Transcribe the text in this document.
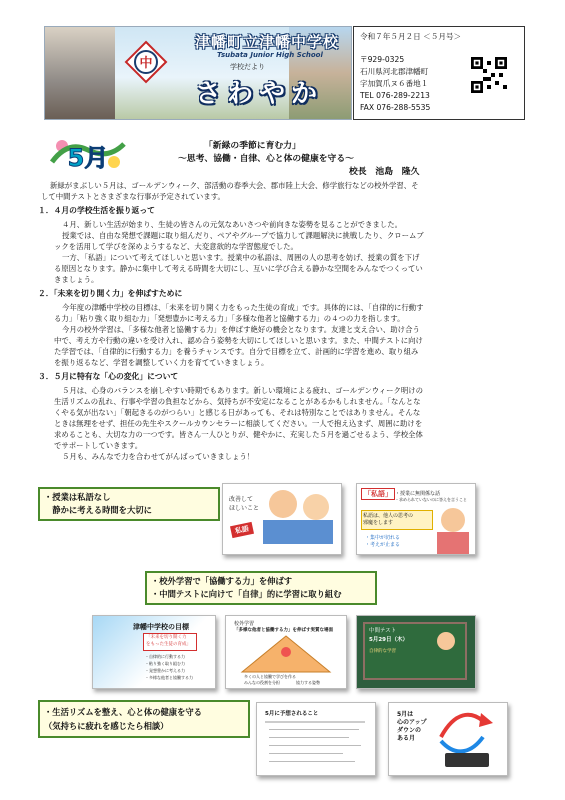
中
津幡町立津幡中学校
Tsubata Junior High School
学校だより
さわやか
令和７年５月２日 ＜５月号＞
〒929-0325
石川県河北郡津幡町
字加賀爪ヌ６番地１
TEL 076-289-2213
FAX 076-288-5535
5月	「新緑の季節に育む力」
～思考、協働・自律、心と体の健康を守る～
校長　池島　隆久
新緑がまぶしい５月は、ゴールデンウィーク、部活動の春季大会、郡市陸上大会、修学旅行などの校外学習、そ
して中間テストとさまざまな行事が予定されています。
１．４月の学校生活を振り返って
４月、新しい生活が始まり、生徒の皆さんの元気なあいさつや前向きな姿勢を見ることができました。
授業では、自由な発想で課題に取り組んだり、ペアやグループで協力して課題解決に挑戦したり、クロームブ
ックを活用して学びを深めようするなど、大変意欲的な学習態度でした。
一方、「私語」について考えてほしいと思います。授業中の私語は、周囲の人の思考を妨げ、授業の質を下げ
る原因となります。静かに集中して考える時間を大切にし、互いに学び合える静かな空間をみんなでつくってい
きましょう。
２．「未来を切り開く力」を伸ばすために
今年度の津幡中学校の目標は、「未来を切り開く力をもった生徒の育成」です。具体的には、「自律的に行動す
る力」「粘り強く取り組む力」「発想豊かに考える力」「多様な他者と協働する力」の４つの力を指します。
今月の校外学習は、「多様な他者と協働する力」を伸ばす絶好の機会となります。友達と支え合い、助け合う
中で、考え方や行動の違いを受け入れ、認め合う姿勢を大切にしてほしいと思います。また、中間テストに向け
た学習では、「自律的に行動する力」を養うチャンスです。自分で目標を立て、計画的に学習を進め、取り組み
を振り返るなど、学習を調整していく力を育てていきましょう。
３．５月に特有な「心の変化」について
５月は、心身のバランスを崩しやすい時期でもあります。新しい環境による疲れ、ゴールデンウィーク明けの
生活リズムの乱れ、行事や学習の負担などから、気持ちが不安定になることがあるかもしれません。「なんとな
くやる気が出ない」「朝起きるのがつらい」と感じる日があっても、それは特別なことではありません。そんな
ときは無理をせず、担任の先生やスクールカウンセラーに相談してください。一人で抱え込まず、周囲に助けを
求めることも、大切な力の一つです。皆さん一人ひとりが、健やかに、充実した５月を過ごせるよう、学校全体
でサポートしていきます。
５月も、みんなで力を合わせてがんばっていきましょう！
・授業は私語なし
　静かに考える時間を大切に
改善して
ほしいこと
私語
「私語」 ・授業に無関係な話
・求められていないのに答えを言うこと
私語は、他人の思考の
邪魔をします
・集中が切れる
・考えが止まる
・校外学習で「協働する力」を伸ばす
・中間テストに向けて「自律」的に学習に取り組む
津幡中学校の目標
「未来を切り開く力
をもった生徒の育成」
・自律的に行動する力
・粘り強く取り組む力
・発想豊かに考える力
・多様な他者と協働する力
校外学習
「多様な他者と協働する力」を伸ばす実質な場面
多くの人と協働で学びを作る
みんなの役割を分担	協力する姿勢
中間テスト
5月29日（木）
自律的な学習
・生活リズムを整え、心と体の健康を守る
（気持ちに疲れを感じたら相談）
5月に予想されること	5月は
心のアップ
ダウンの
ある月
